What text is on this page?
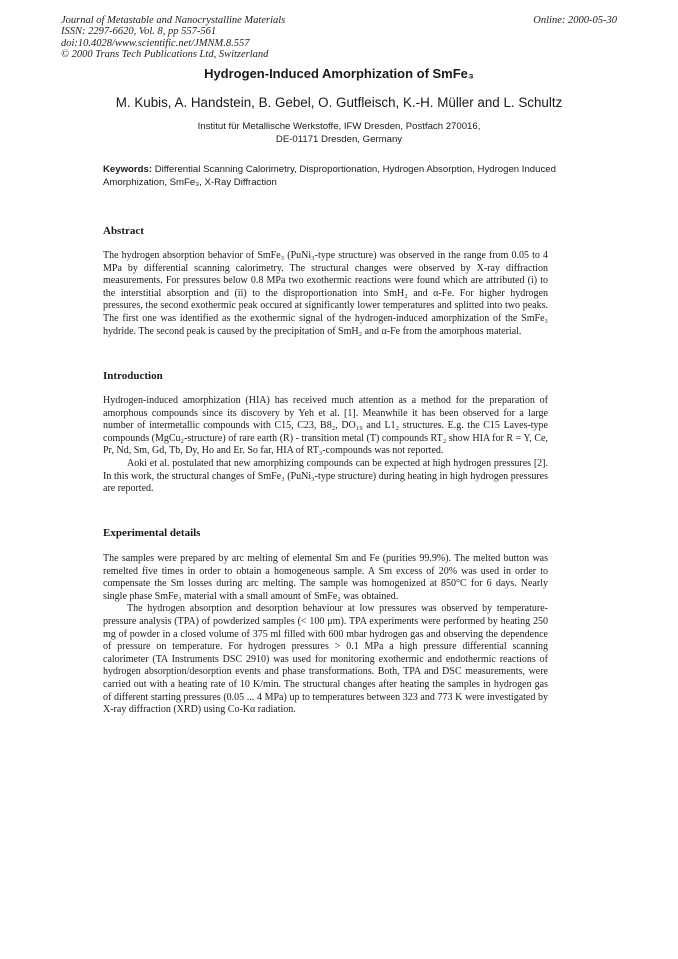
Journal of Metastable and Nanocrystalline Materials
ISSN: 2297-6620, Vol. 8, pp 557-561
doi:10.4028/www.scientific.net/JMNM.8.557
© 2000 Trans Tech Publications Ltd, Switzerland
Online: 2000-05-30
Hydrogen-Induced Amorphization of SmFe₃
M. Kubis, A. Handstein, B. Gebel, O. Gutfleisch, K.-H. Müller and L. Schultz
Institut für Metallische Werkstoffe, IFW Dresden, Postfach 270016,
DE-01171 Dresden, Germany
Keywords: Differential Scanning Calorimetry, Disproportionation, Hydrogen Absorption, Hydrogen Induced Amorphization, SmFe₃, X-Ray Diffraction
Abstract

The hydrogen absorption behavior of SmFe₃ (PuNi₃-type structure) was observed in the range from 0.05 to 4 MPa by differential scanning calorimetry. The structural changes were observed by X-ray diffraction measurements. For pressures below 0.8 MPa two exothermic reactions were found which are attributed (i) to the interstitial absorption and (ii) to the disproportionation into SmH₂ and α-Fe. For higher hydrogen pressures, the second exothermic peak occured at significantly lower temperatures and splitted into two peaks. The first one was identified as the exothermic signal of the hydrogen-induced amorphization of the SmFe₃ hydride. The second peak is caused by the precipitation of SmH₂ and α-Fe from the amorphous material.

Introduction

Hydrogen-induced amorphization (HIA) has received much attention as a method for the preparation of amorphous compounds since its discovery by Yeh et al. [1]. Meanwhile it has been observed for a large number of intermetallic compounds with C15, C23, B8₂, DO₁₉ and L1₂ structures. E.g. the C15 Laves-type compounds (MgCu₂-structure) of rare earth (R) - transition metal (T) compounds RT₂ show HIA for R = Y, Ce, Pr, Nd, Sm, Gd, Tb, Dy, Ho and Er. So far, HIA of RT₃-compounds was not reported.

Aoki et al. postulated that new amorphizing compounds can be expected at high hydrogen pressures [2]. In this work, the structural changes of SmFe₃ (PuNi₃-type structure) during heating in high hydrogen pressures are reported.

Experimental details

The samples were prepared by arc melting of elemental Sm and Fe (purities 99.9%). The melted button was remelted five times in order to obtain a homogeneous sample. A Sm excess of 20% was used in order to compensate the Sm losses during arc melting. The sample was homogenized at 850°C for 6 days. Nearly single phase SmFe₃ material with a small amount of SmFe₂ was obtained.

The hydrogen absorption and desorption behaviour at low pressures was observed by temperature-pressure analysis (TPA) of powderized samples (< 100 μm). TPA experiments were performed by heating 250 mg of powder in a closed volume of 375 ml filled with 600 mbar hydrogen gas and observing the dependence of pressure on temperature. For hydrogen pressures > 0.1 MPa a high pressure differential scanning calorimeter (TA Instruments DSC 2910) was used for monitoring exothermic and endothermic reactions of hydrogen absorption/desorption events and phase transformations. Both, TPA and DSC measurements, were carried out with a heating rate of 10 K/min. The structural changes after heating the samples in hydrogen gas of different starting pressures (0.05 ... 4 MPa) up to temperatures between 323 and 773 K were investigated by X-ray diffraction (XRD) using Co-Kα radiation.
